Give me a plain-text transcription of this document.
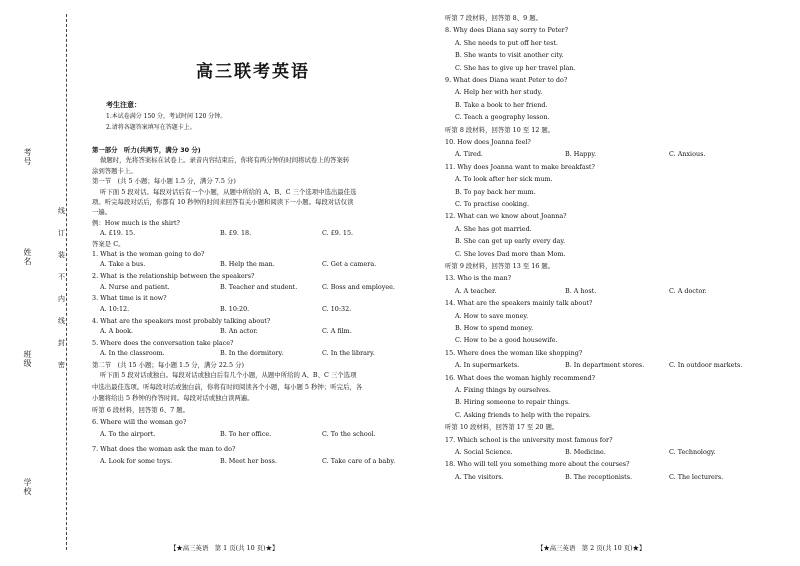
考号
姓名
班级
学校
线
订
装
不
内
线
封
密
高三联考英语
考生注意：
1.本试卷满分 150 分，考试时间 120 分钟。
2.请将各题答案填写在答题卡上。
第一部分　听力(共两节，满分 30 分)
做题时，先将答案标在试卷上。录音内容结束后，你将有两分钟的时间将试卷上的答案转
涂到答题卡上。
第一节　(共 5 小题；每小题 1.5 分，满分 7.5 分)
听下面 5 段对话。每段对话后有一个小题，从题中所给的 A、B、C 三个选项中选出最佳选
项。听完每段对话后，你都有 10 秒钟的时间来回答有关小题和阅读下一小题。每段对话仅读
一遍。
例：How much is the shirt?
A. £19. 15.	B. £9. 18.	C. £9. 15.
答案是 C。
1. What is the woman going to do?
A. Take a bus.	B. Help the man.	C. Get a camera.
2. What is the relationship between the speakers?
A. Nurse and patient.	B. Teacher and student.	C. Boss and employee.
3. What time is it now?
A. 10:12.	B. 10:20.	C. 10:32.
4. What are the speakers most probably talking about?
A. A book.	B. An actor.	C. A film.
5. Where does the conversation take place?
A. In the classroom.	B. In the dormitory.	C. In the library.
第二节　(共 15 小题；每小题 1.5 分，满分 22.5 分)
听下面 5 段对话或独白。每段对话或独白后有几个小题，从题中所给的 A、B、C 三个选项
中选出最佳选项。听每段对话或独白前，你将有时间阅读各个小题，每小题 5 秒钟；听完后，各
小题将给出 5 秒钟的作答时间。每段对话或独白读两遍。
听第 6 段材料，回答第 6、7 题。
6. Where will the woman go?
A. To the airport.	B. To her office.	C. To the school.
7. What does the woman ask the man to do?
A. Look for some toys.	B. Meet her boss.	C. Take care of a baby.
【★高三英语　第 1 页(共 10 页)★】
听第 7 段材料，回答第 8、9 题。
8. Why does Diana say sorry to Peter?
A. She needs to put off her test.
B. She wants to visit another city.
C. She has to give up her travel plan.
9. What does Diana want Peter to do?
A. Help her with her study.
B. Take a book to her friend.
C. Teach a geography lesson.
听第 8 段材料，回答第 10 至 12 题。
10. How does Joanna feel?
A. Tired.	B. Happy.	C. Anxious.
11. Why does Joanna want to make breakfast?
A. To look after her sick mum.
B. To pay back her mum.
C. To practise cooking.
12. What can we know about Joanna?
A. She has got married.
B. She can get up early every day.
C. She loves Dad more than Mom.
听第 9 段材料，回答第 13 至 16 题。
13. Who is the man?
A. A teacher.	B. A host.	C. A doctor.
14. What are the speakers mainly talk about?
A. How to save money.
B. How to spend money.
C. How to be a good housewife.
15. Where does the woman like shopping?
A. In supermarkets.	B. In department stores.	C. In outdoor markets.
16. What does the woman highly recommend?
A. Fixing things by ourselves.
B. Hiring someone to repair things.
C. Asking friends to help with the repairs.
听第 10 段材料，回答第 17 至 20 题。
17. Which school is the university most famous for?
A. Social Science.	B. Medicine.	C. Technology.
18. Who will tell you something more about the courses?
A. The visitors.	B. The receptionists.	C. The lecturers.
【★高三英语　第 2 页(共 10 页)★】
